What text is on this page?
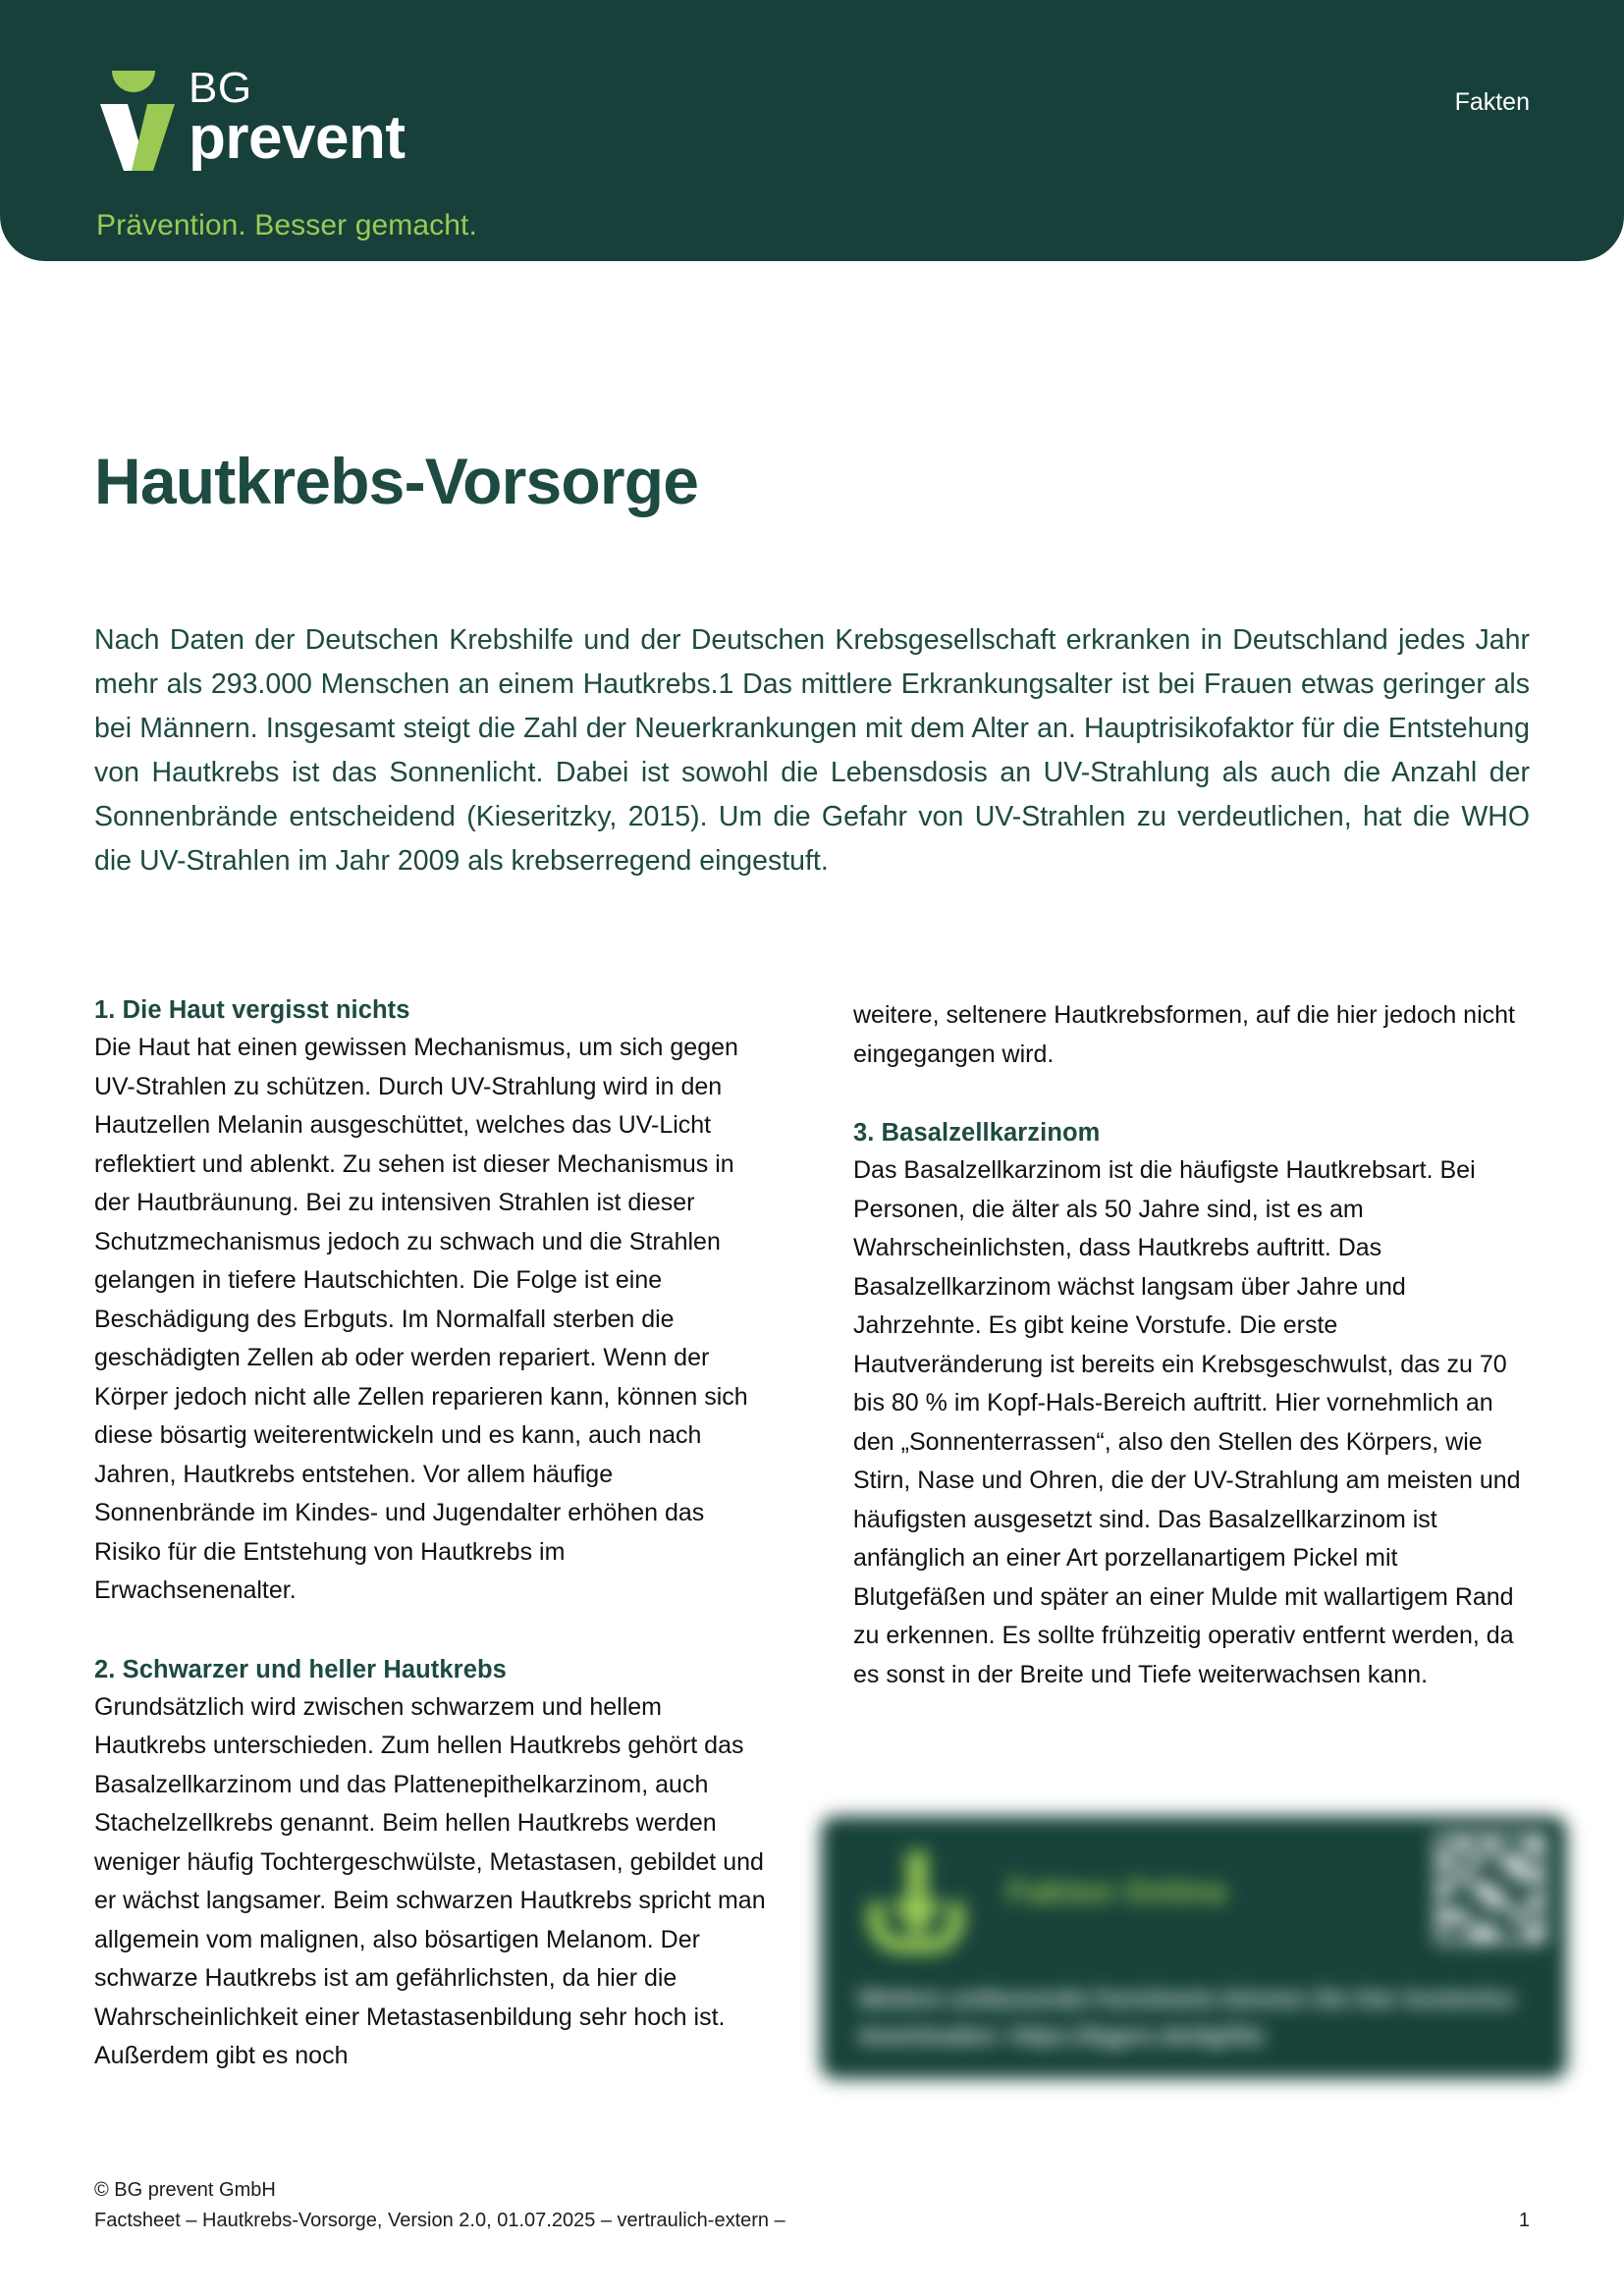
BG
prevent
Prävention. Besser gemacht.
Fakten
Hautkrebs-Vorsorge

Nach Daten der Deutschen Krebshilfe und der Deutschen Krebsgesellschaft erkranken in Deutschland jedes Jahr mehr als 293.000 Menschen an einem Hautkrebs.1 Das mittlere Erkrankungsalter ist bei Frauen etwas geringer als bei Männern. Insgesamt steigt die Zahl der Neuerkrankungen mit dem Alter an. Hauptrisikofaktor für die Entstehung von Hautkrebs ist das Sonnenlicht. Dabei ist sowohl die Lebensdosis an UV-Strahlung als auch die Anzahl der Sonnenbrände entscheidend (Kieseritzky, 2015). Um die Gefahr von UV-Strahlen zu verdeutlichen, hat die WHO die UV-Strahlen im Jahr 2009 als krebserregend eingestuft.

1. Die Haut vergisst nichts

Die Haut hat einen gewissen Mechanismus, um sich gegen UV-Strahlen zu schützen. Durch UV-Strahlung wird in den Hautzellen Melanin ausgeschüttet, welches das UV-Licht reflektiert und ablenkt. Zu sehen ist dieser Mechanismus in der Hautbräunung. Bei zu intensiven Strahlen ist dieser Schutzmechanismus jedoch zu schwach und die Strahlen gelangen in tiefere Hautschichten. Die Folge ist eine Beschädigung des Erbguts. Im Normalfall sterben die geschädigten Zellen ab oder werden repariert. Wenn der Körper jedoch nicht alle Zellen reparieren kann, können sich diese bösartig weiterentwickeln und es kann, auch nach Jahren, Hautkrebs entstehen. Vor allem häufige Sonnenbrände im Kindes- und Jugendalter erhöhen das Risiko für die Entstehung von Hautkrebs im Erwachsenenalter.

2. Schwarzer und heller Hautkrebs

Grundsätzlich wird zwischen schwarzem und hellem Hautkrebs unterschieden. Zum hellen Hautkrebs gehört das Basalzellkarzinom und das Plattenepithelkarzinom, auch Stachelzellkrebs genannt. Beim hellen Hautkrebs werden weniger häufig Tochtergeschwülste, Metastasen, gebildet und er wächst langsamer. Beim schwarzen Hautkrebs spricht man allgemein vom malignen, also bösartigen Melanom. Der schwarze Hautkrebs ist am gefährlichsten, da hier die Wahrscheinlichkeit einer Metastasenbildung sehr hoch ist. Außerdem gibt es noch

weitere, seltenere Hautkrebsformen, auf die hier jedoch nicht eingegangen wird.

3. Basalzellkarzinom

Das Basalzellkarzinom ist die häufigste Hautkrebsart. Bei Personen, die älter als 50 Jahre sind, ist es am Wahrscheinlichsten, dass Hautkrebs auftritt. Das Basalzellkarzinom wächst langsam über Jahre und Jahrzehnte. Es gibt keine Vorstufe. Die erste Hautveränderung ist bereits ein Krebsgeschwulst, das zu 70 bis 80 % im Kopf-Hals-Bereich auftritt. Hier vornehmlich an den „Sonnenterrassen“, also den Stellen des Körpers, wie Stirn, Nase und Ohren, die der UV-Strahlung am meisten und häufigsten ausgesetzt sind. Das Basalzellkarzinom ist anfänglich an einer Art porzellanartigem Pickel mit Blutgefäßen und später an einer Mulde mit wallartigem Rand zu erkennen. Es sollte frühzeitig operativ entfernt werden, da es sonst in der Breite und Tiefe weiterwachsen kann.

Fakten Online
Weitere umfassende Factsheets können Sie hier kostenlos downloaden: https://bgpre.de/dg/fds
© BG prevent GmbH
Factsheet – Hautkrebs-Vorsorge, Version 2.0, 01.07.2025 – vertraulich-extern –	1
